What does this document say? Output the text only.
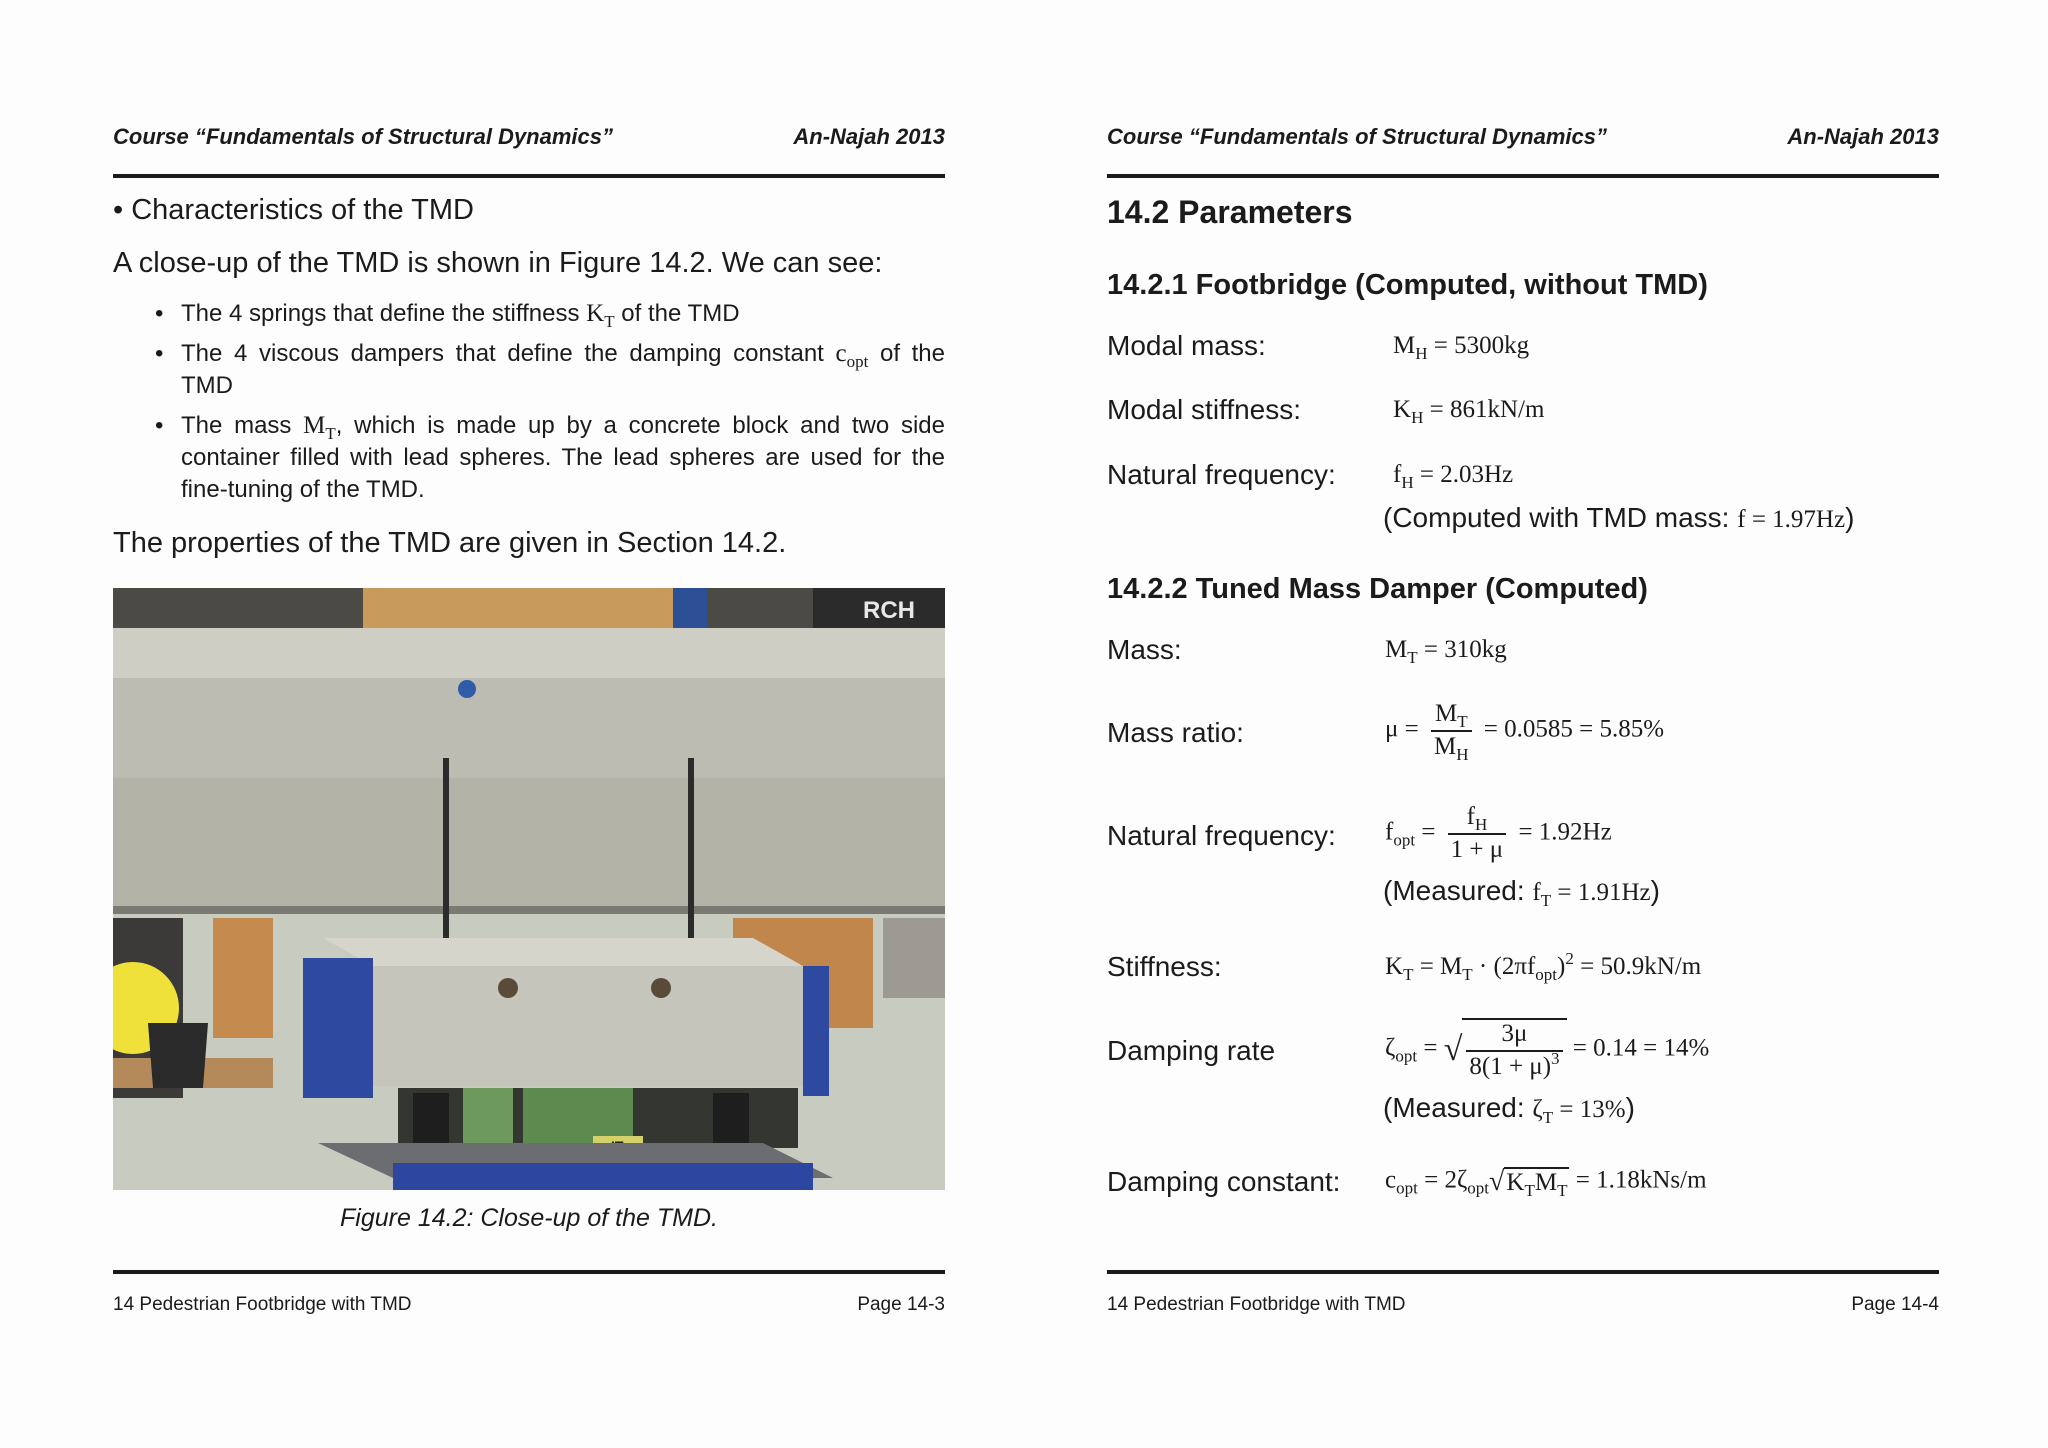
Course “Fundamentals of Structural Dynamics”	An-Najah 2013
• Characteristics of the TMD
A close-up of the TMD is shown in Figure 14.2. We can see:
• The 4 springs that define the stiffness $K_T$ of the TMD
• The 4 viscous dampers that define the damping constant $c_{opt}$ of the TMD
• The mass $M_T$, which is made up by a concrete block and two side container filled with lead spheres. The lead spheres are used for the fine-tuning of the TMD.
The properties of the TMD are given in Section 14.2.
RCH
Figure 14.2: Close-up of the TMD.
14 Pedestrian Footbridge with TMD	Page 14-3
Course “Fundamentals of Structural Dynamics”	An-Najah 2013
14.2 Parameters
14.2.1 Footbridge (Computed, without TMD)
Modal mass:	$M_H = 5300kg$
Modal stiffness:	$K_H = 861kN/m$
Natural frequency: $f_H = 2.03Hz$
(Computed with TMD mass: f = 1.97Hz)
14.2.2 Tuned Mass Damper (Computed)
Mass:	$M_T = 310kg$
Mass ratio:	$\mu = \frac{M_T}{M_H} = 0.0585 = 5.85\%$
Natural frequency: $f_{opt} = \frac{f_H}{1 + \mu} = 1.92Hz$
(Measured: $f_T = 1.91Hz$)
Stiffness:	$K_T = M_T \cdot (2\pi f_{opt})^2 = 50.9kN/m$
Damping rate	$\zeta_{opt}$ = √ $\frac{3\mu}{8(1 + \mu)^3} = 0.14 = 14\%$
(Measured: $\zeta_T = 13\%$)
Damping constant: $c_{opt} = 2\zeta_{opt}√K_TM_T = 1.18kNs/m$
14 Pedestrian Footbridge with TMD	Page 14-4
